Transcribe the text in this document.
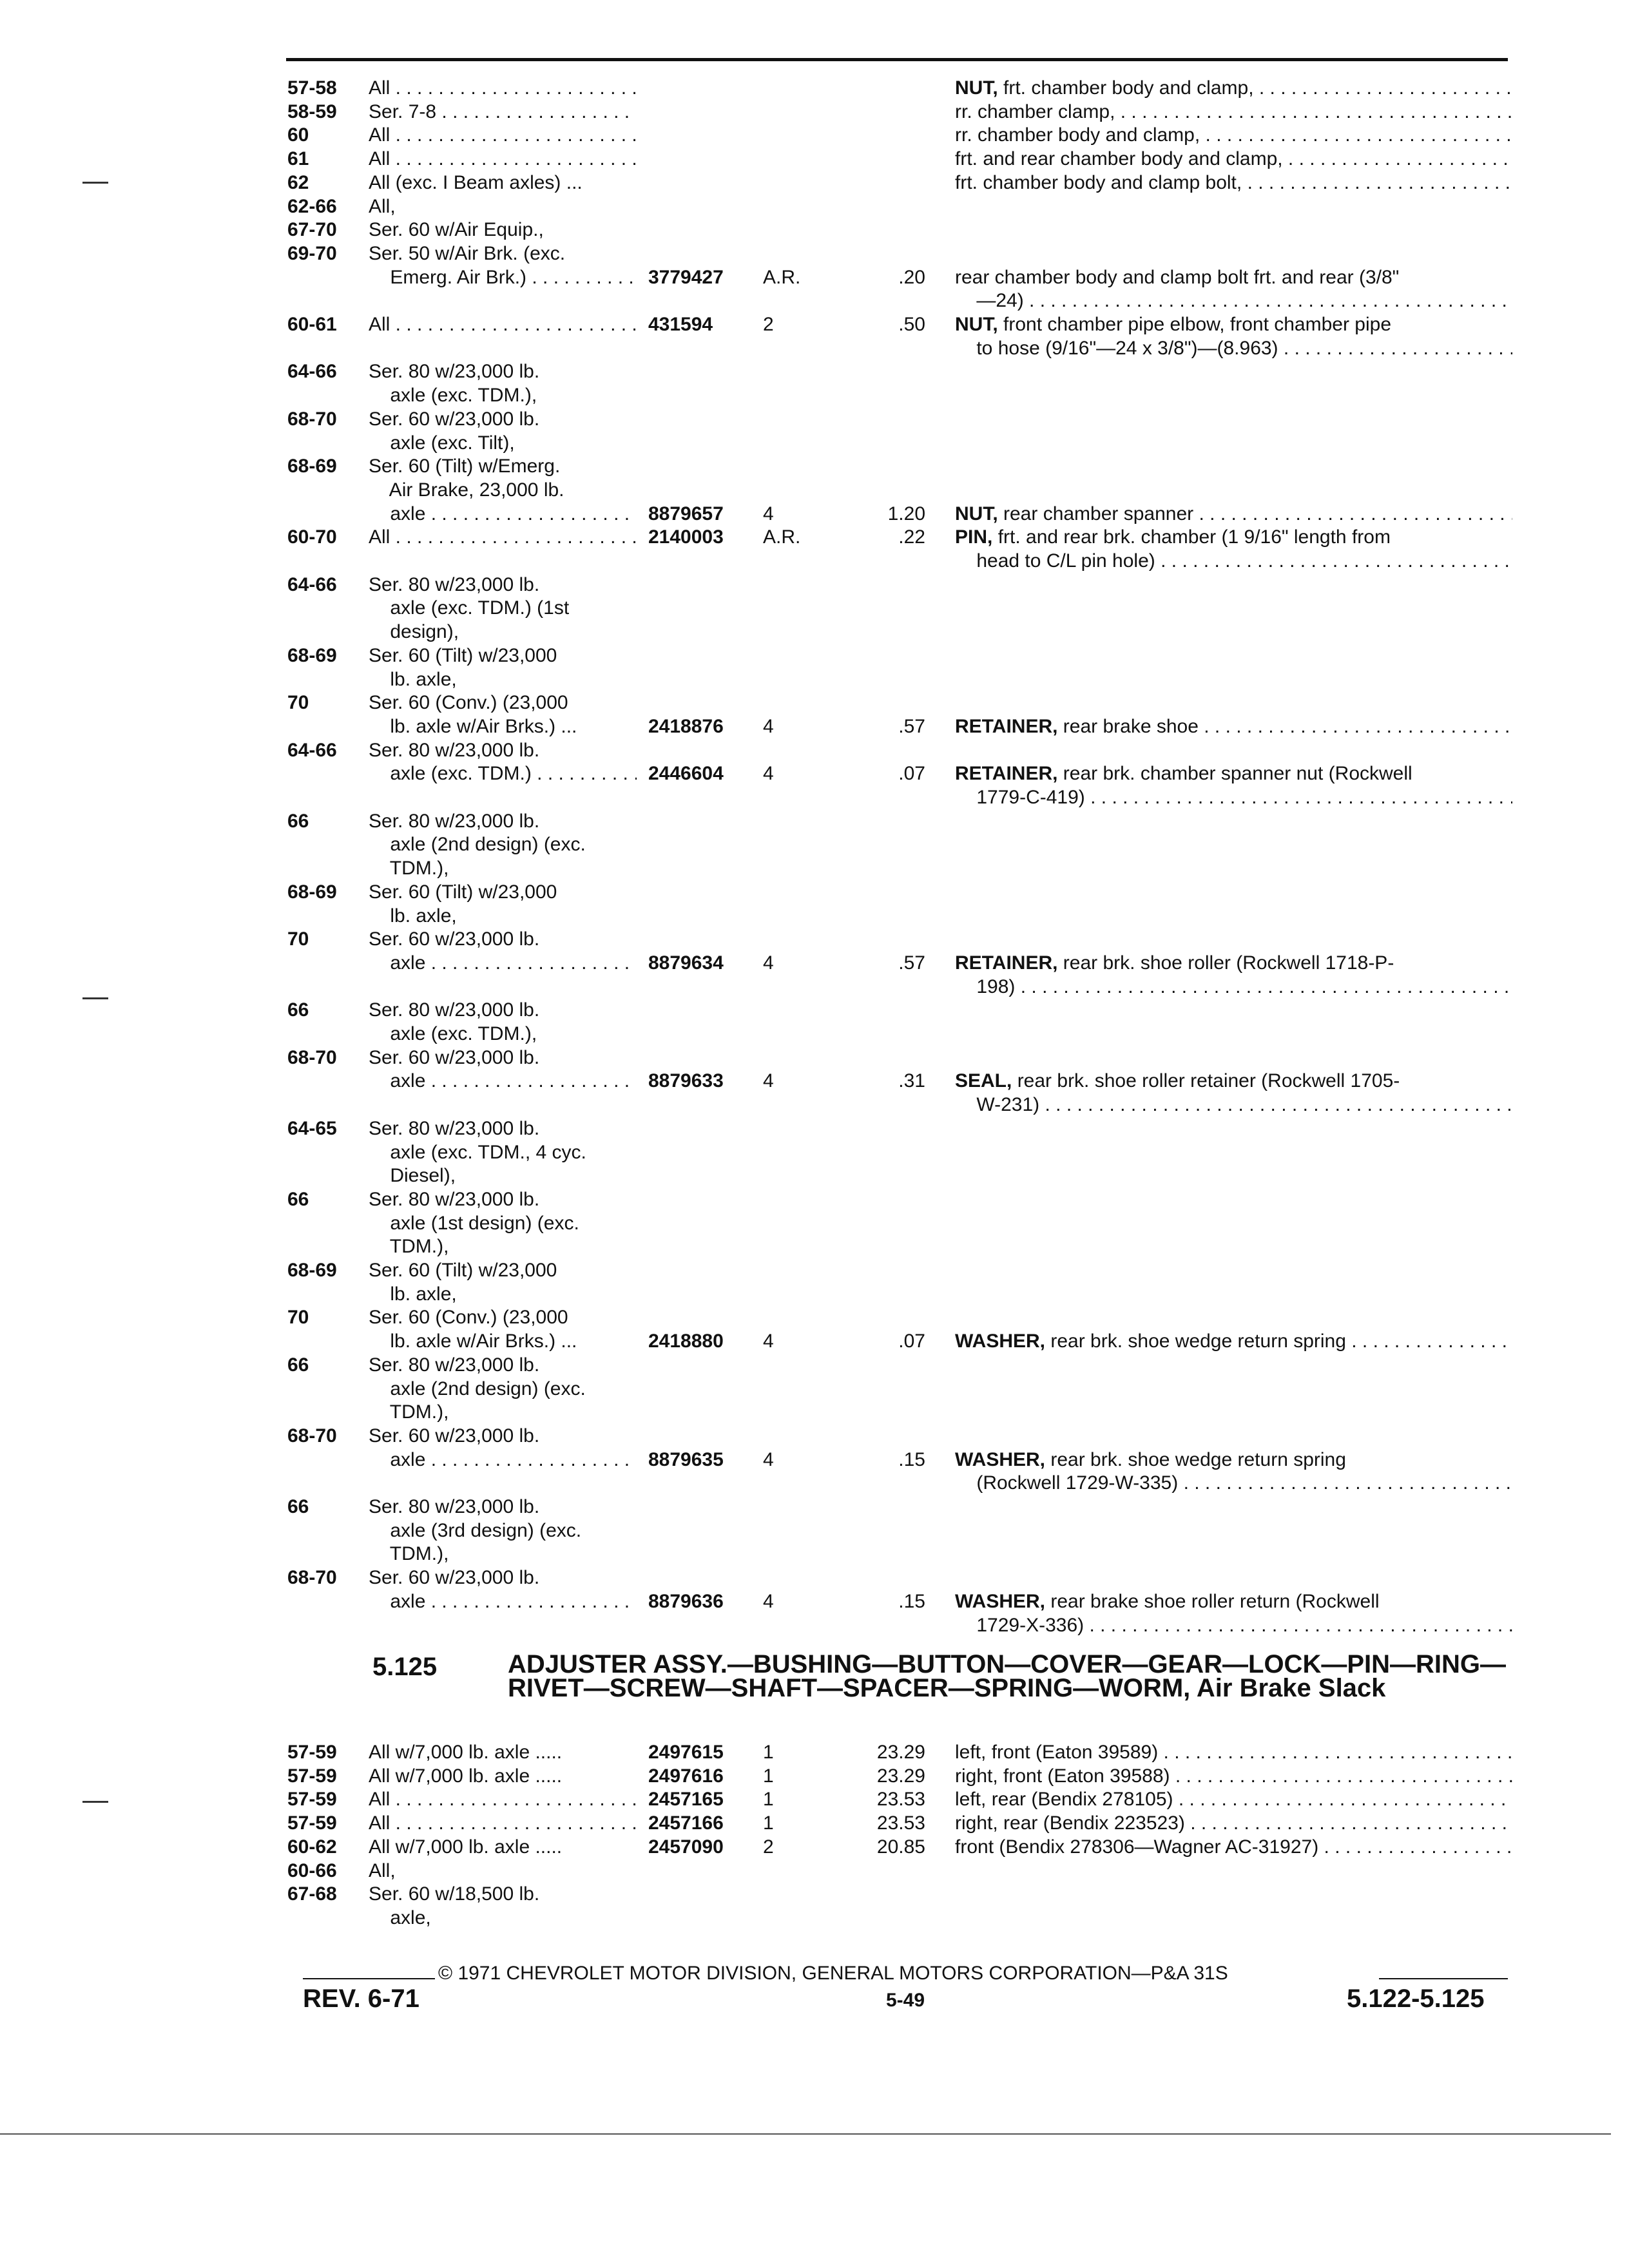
57-58 All . . .	NUT, frt. chamber body and clamp, . . .
58-59 Ser. 7-8 . . .	rr. chamber clamp, . . .
60	All . . .	rr. chamber body and clamp, . . .
61	All . . .	frt. and rear chamber body and clamp, . . .
62	All (exc. I Beam axles) ...	frt. chamber body and clamp bolt, . . .
62-66 All,
67-70 Ser. 60 w/Air Equip.,
69-70 Ser. 50 w/Air Brk. (exc.
Emerg. Air Brk.) . . .	3779427	A.R.	.20 rear chamber body and clamp bolt frt. and rear (3/8"
—24) . . .
60-61 All . . .	431594	2	.50 NUT, front chamber pipe elbow, front chamber pipe
to hose (9/16"—24 x 3/8")—(8.963) . . .
64-66 Ser. 80 w/23,000 lb.
axle (exc. TDM.),
68-70 Ser. 60 w/23,000 lb.
axle (exc. Tilt),
68-69 Ser. 60 (Tilt) w/Emerg.
Air Brake, 23,000 lb.
axle . . .	8879657	4	1.20 NUT, rear chamber spanner . . .
60-70 All . . .	2140003	A.R.	.22 PIN, frt. and rear brk. chamber (1 9/16" length from
head to C/L pin hole) . . .
64-66 Ser. 80 w/23,000 lb.
axle (exc. TDM.) (1st
design),
68-69 Ser. 60 (Tilt) w/23,000
lb. axle,
70	Ser. 60 (Conv.) (23,000
lb. axle w/Air Brks.) ...	2418876	4	.57 RETAINER, rear brake shoe . . .
64-66 Ser. 80 w/23,000 lb.
axle (exc. TDM.) . . .	2446604	4	.07 RETAINER, rear brk. chamber spanner nut (Rockwell
1779-C-419) . . .
66	Ser. 80 w/23,000 lb.
axle (2nd design) (exc.
TDM.),
68-69 Ser. 60 (Tilt) w/23,000
lb. axle,
70	Ser. 60 w/23,000 lb.
axle . . .	8879634	4	.57 RETAINER, rear brk. shoe roller (Rockwell 1718-P-
198) . . .
66	Ser. 80 w/23,000 lb.
axle (exc. TDM.),
68-70 Ser. 60 w/23,000 lb.
axle . . .	8879633	4	.31 SEAL, rear brk. shoe roller retainer (Rockwell 1705-
W-231) . . .
64-65 Ser. 80 w/23,000 lb.
axle (exc. TDM., 4 cyc.
Diesel),
66	Ser. 80 w/23,000 lb.
axle (1st design) (exc.
TDM.),
68-69 Ser. 60 (Tilt) w/23,000
lb. axle,
70	Ser. 60 (Conv.) (23,000
lb. axle w/Air Brks.) ...	2418880	4	.07 WASHER, rear brk. shoe wedge return spring . . .
66	Ser. 80 w/23,000 lb.
axle (2nd design) (exc.
TDM.),
68-70 Ser. 60 w/23,000 lb.
axle . . .	8879635	4	.15 WASHER, rear brk. shoe wedge return spring
(Rockwell 1729-W-335) . . .
66	Ser. 80 w/23,000 lb.
axle (3rd design) (exc.
TDM.),
68-70 Ser. 60 w/23,000 lb.
axle . . .	8879636	4	.15 WASHER, rear brake shoe roller return (Rockwell
1729-X-336) . . .
5.125	ADJUSTER ASSY.—BUSHING—BUTTON—COVER—GEAR—LOCK—PIN—RING—RIVET—SCREW—SHAFT—SPACER—SPRING—WORM, Air Brake Slack
57-59 All w/7,000 lb. axle .....	2497615	1	23.29 left, front (Eaton 39589) . . .
57-59 All w/7,000 lb. axle .....	2497616	1	23.29 right, front (Eaton 39588) . . .
57-59 All . . .	2457165	1	23.53 left, rear (Bendix 278105) . . .
57-59 All . . .	2457166	1	23.53 right, rear (Bendix 223523) . . .
60-62 All w/7,000 lb. axle .....	2457090	2	20.85 front (Bendix 278306—Wagner AC-31927) . . .
60-66 All,
67-68 Ser. 60 w/18,500 lb.
axle,
© 1971 CHEVROLET MOTOR DIVISION, GENERAL MOTORS CORPORATION—P&A 31S
REV. 6-71	5-49	5.122-5.125
